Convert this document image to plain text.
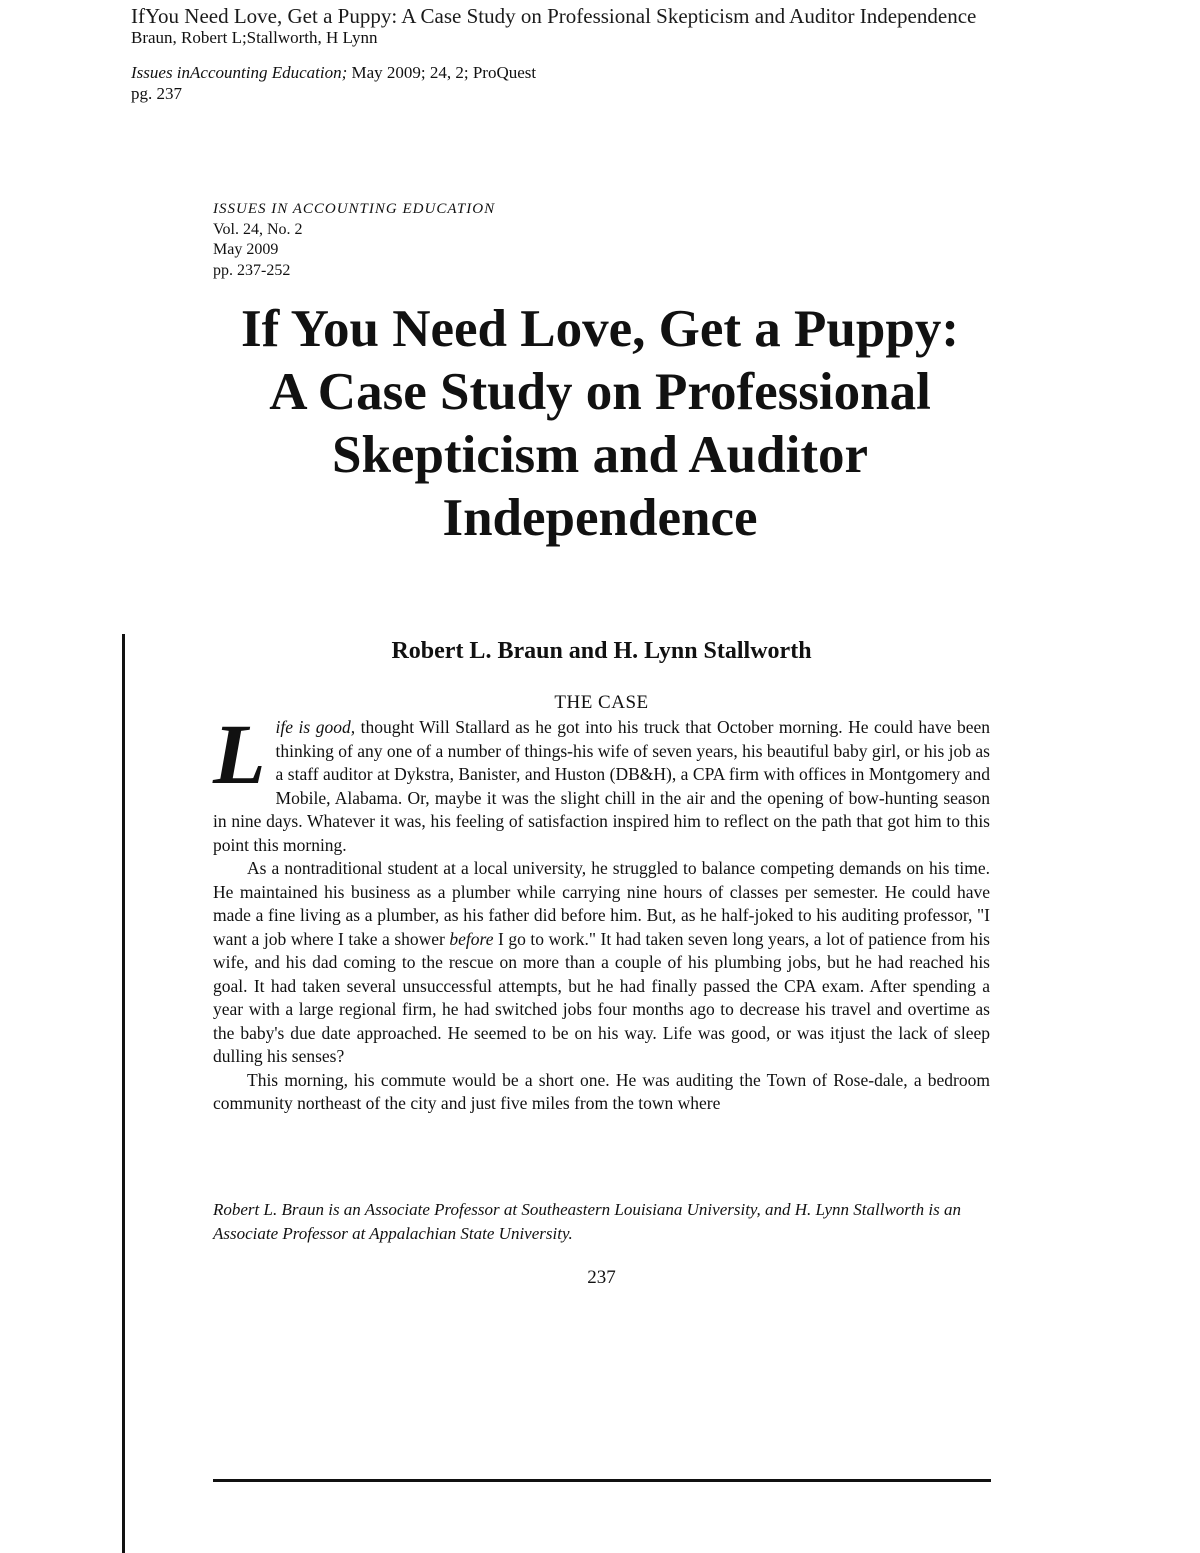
IfYou Need Love, Get a Puppy: A Case Study on Professional Skepticism and Auditor Independence
Braun, Robert L;Stallworth, H Lynn
Issues inAccounting Education; May 2009; 24, 2; ProQuest
pg. 237
ISSUES IN ACCOUNTING EDUCATION
Vol. 24, No. 2
May 2009
pp. 237-252
If You Need Love, Get a Puppy:
A Case Study on Professional
Skepticism and Auditor
Independence
Robert L. Braun and H. Lynn Stallworth
THE CASE

Life is good, thought Will Stallard as he got into his truck that October morning. He could have been thinking of any one of a number of things-his wife of seven years, his beautiful baby girl, or his job as a staff auditor at Dykstra, Banister, and Huston (DB&H), a CPA firm with offices in Montgomery and Mobile, Alabama. Or, maybe it was the slight chill in the air and the opening of bow-hunting season in nine days. Whatever it was, his feeling of satisfaction inspired him to reflect on the path that got him to this point this morning.

As a nontraditional student at a local university, he struggled to balance competing demands on his time. He maintained his business as a plumber while carrying nine hours of classes per semester. He could have made a fine living as a plumber, as his father did before him. But, as he half-joked to his auditing professor, "I want a job where I take a shower before I go to work." It had taken seven long years, a lot of patience from his wife, and his dad coming to the rescue on more than a couple of his plumbing jobs, but he had reached his goal. It had taken several unsuccessful attempts, but he had finally passed the CPA exam. After spending a year with a large regional firm, he had switched jobs four months ago to decrease his travel and overtime as the baby's due date approached. He seemed to be on his way. Life was good, or was itjust the lack of sleep dulling his senses?

This morning, his commute would be a short one. He was auditing the Town of Rose-dale, a bedroom community northeast of the city and just five miles from the town where

Robert L. Braun is an Associate Professor at Southeastern Louisiana University, and H. Lynn Stallworth is an Associate Professor at Appalachian State University.
237
